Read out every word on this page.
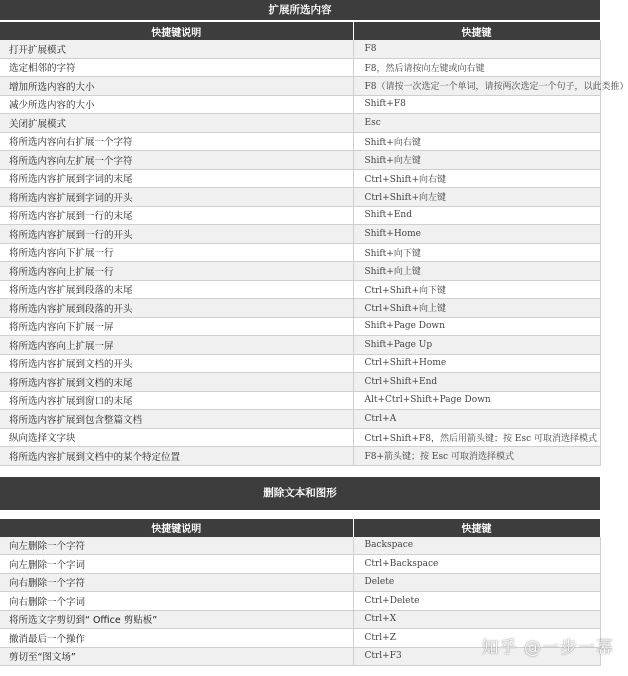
扩展所选内容
快捷键说明	快捷键
打开扩展模式	F8
选定相邻的字符	F8，然后请按向左键或向右键
增加所选内容的大小	F8（请按一次选定一个单词，请按两次选定一个句子，以此类推）
减少所选内容的大小	Shift+F8
关闭扩展模式	Esc
将所选内容向右扩展一个字符	Shift+向右键
将所选内容向左扩展一个字符	Shift+向左键
将所选内容扩展到字词的末尾	Ctrl+Shift+向右键
将所选内容扩展到字词的开头	Ctrl+Shift+向左键
将所选内容扩展到一行的末尾	Shift+End
将所选内容扩展到一行的开头	Shift+Home
将所选内容向下扩展一行	Shift+向下键
将所选内容向上扩展一行	Shift+向上键
将所选内容扩展到段落的末尾	Ctrl+Shift+向下键
将所选内容扩展到段落的开头	Ctrl+Shift+向上键
将所选内容向下扩展一屏	Shift+Page Down
将所选内容向上扩展一屏	Shift+Page Up
将所选内容扩展到文档的开头	Ctrl+Shift+Home
将所选内容扩展到文档的末尾	Ctrl+Shift+End
将所选内容扩展到窗口的末尾	Alt+Ctrl+Shift+Page Down
将所选内容扩展到包含整篇文档	Ctrl+A
纵向选择文字块	Ctrl+Shift+F8，然后用箭头键；按 Esc 可取消选择模式
将所选内容扩展到文档中的某个特定位置	F8+箭头键；按 Esc 可取消选择模式
删除文本和图形
快捷键说明	快捷键
向左删除一个字符	Backspace
向左删除一个字词	Ctrl+Backspace
向右删除一个字符	Delete
向右删除一个字词	Ctrl+Delete
将所选文字剪切到“ Office 剪贴板”	Ctrl+X
撤消最后一个操作	Ctrl+Z
剪切至“图文场”	Ctrl+F3	知乎 @一步一幕
